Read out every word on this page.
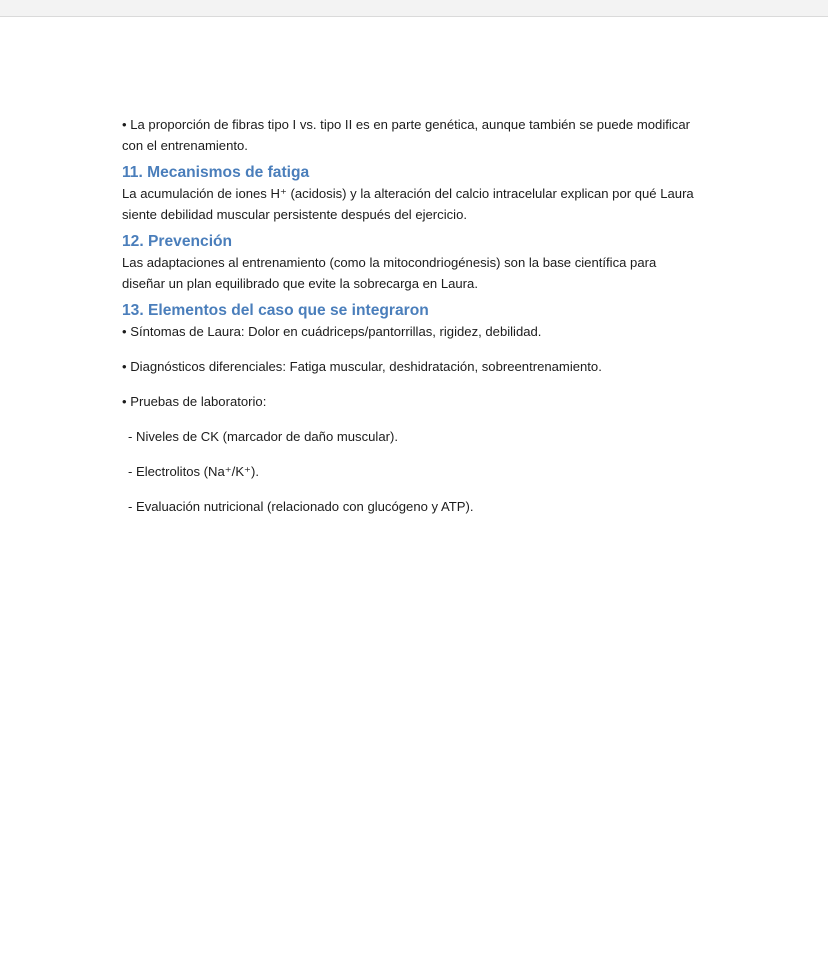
• La proporción de fibras tipo I vs. tipo II es en parte genética, aunque también se puede modificar con el entrenamiento.

11. Mecanismos de fatiga

La acumulación de iones H⁺ (acidosis) y la alteración del calcio intracelular explican por qué Laura siente debilidad muscular persistente después del ejercicio.

12. Prevención

Las adaptaciones al entrenamiento (como la mitocondriogénesis) son la base científica para diseñar un plan equilibrado que evite la sobrecarga en Laura.

13. Elementos del caso que se integraron

• Síntomas de Laura: Dolor en cuádriceps/pantorrillas, rigidez, debilidad.

• Diagnósticos diferenciales: Fatiga muscular, deshidratación, sobreentrenamiento.

• Pruebas de laboratorio:

- Niveles de CK (marcador de daño muscular).

- Electrolitos (Na⁺/K⁺).

- Evaluación nutricional (relacionado con glucógeno y ATP).
